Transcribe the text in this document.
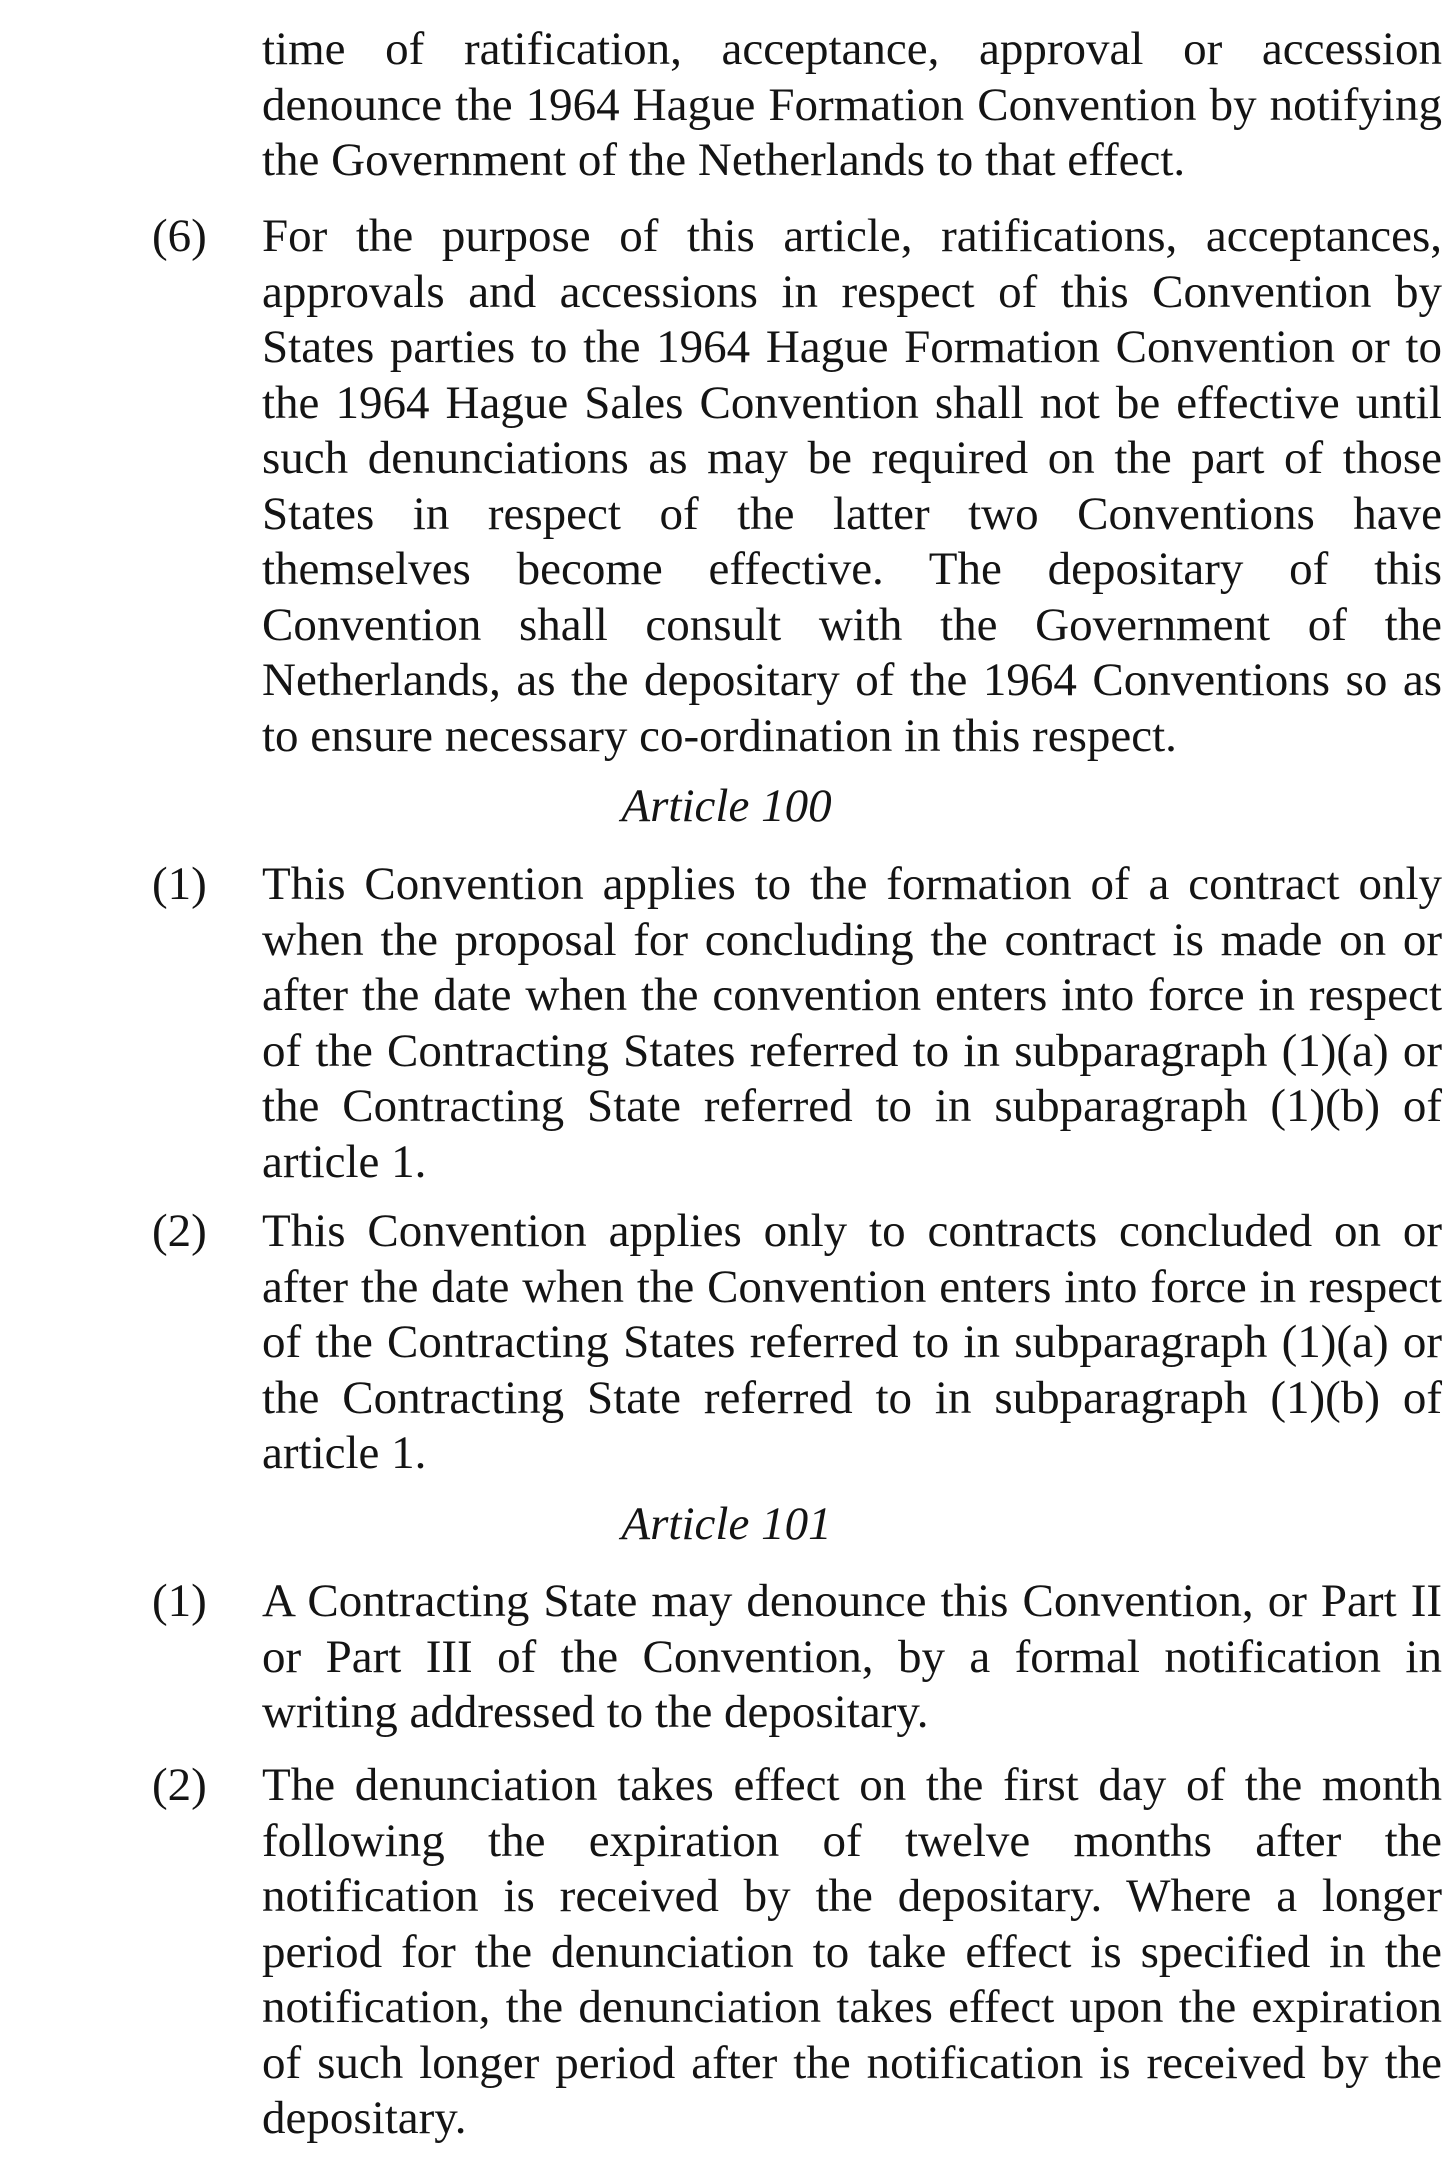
time of ratification, acceptance, approval or accession denounce the 1964 Hague Formation Convention by notifying the Government of the Netherlands to that effect.

(6) For the purpose of this article, ratifications, acceptances, approvals and accessions in respect of this Convention by States parties to the 1964 Hague Formation Convention or to the 1964 Hague Sales Convention shall not be effective until such denunciations as may be required on the part of those States in respect of the latter two Conventions have themselves become effective. The depositary of this Convention shall consult with the Government of the Netherlands, as the depositary of the 1964 Conventions so as to ensure necessary co-ordination in this respect.

Article 100

(1) This Convention applies to the formation of a contract only when the proposal for concluding the contract is made on or after the date when the convention enters into force in respect of the Contracting States referred to in subparagraph (1)(a) or the Contracting State referred to in subparagraph (1)(b) of article 1.

(2) This Convention applies only to contracts concluded on or after the date when the Convention enters into force in respect of the Contracting States referred to in subparagraph (1)(a) or the Contracting State referred to in subparagraph (1)(b) of article 1.

Article 101

(1) A Contracting State may denounce this Convention, or Part II or Part III of the Convention, by a formal notification in writing addressed to the depositary.

(2) The denunciation takes effect on the first day of the month following the expiration of twelve months after the notification is received by the depositary. Where a longer period for the denunciation to take effect is specified in the notification, the denunciation takes effect upon the expiration of such longer period after the notification is received by the depositary.
